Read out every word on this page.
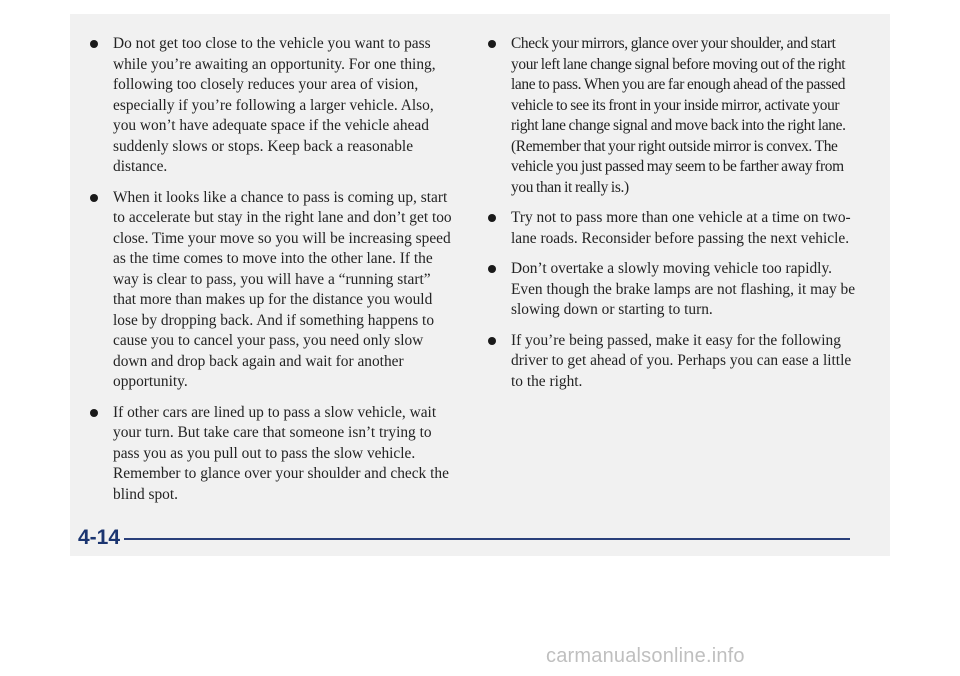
Do not get too close to the vehicle you want to pass while you’re awaiting an opportunity. For one thing, following too closely reduces your area of vision, especially if you’re following a larger vehicle. Also, you won’t have adequate space if the vehicle ahead suddenly slows or stops. Keep back a reasonable distance.
When it looks like a chance to pass is coming up, start to accelerate but stay in the right lane and don’t get too close. Time your move so you will be increasing speed as the time comes to move into the other lane. If the way is clear to pass, you will have a “running start” that more than makes up for the distance you would lose by dropping back. And if something happens to cause you to cancel your pass, you need only slow down and drop back again and wait for another opportunity.
If other cars are lined up to pass a slow vehicle, wait your turn. But take care that someone isn’t trying to pass you as you pull out to pass the slow vehicle. Remember to glance over your shoulder and check the blind spot.
Check your mirrors, glance over your shoulder, and start your left lane change signal before moving out of the right lane to pass. When you are far enough ahead of the passed vehicle to see its front in your inside mirror, activate your right lane change signal and move back into the right lane. (Remember that your right outside mirror is convex. The vehicle you just passed may seem to be farther away from you than it really is.)
Try not to pass more than one vehicle at a time on two-lane roads. Reconsider before passing the next vehicle.
Don’t overtake a slowly moving vehicle too rapidly. Even though the brake lamps are not flashing, it may be slowing down or starting to turn.
If you’re being passed, make it easy for the following driver to get ahead of you. Perhaps you can ease a little to the right.
4-14
carmanualsonline.info
